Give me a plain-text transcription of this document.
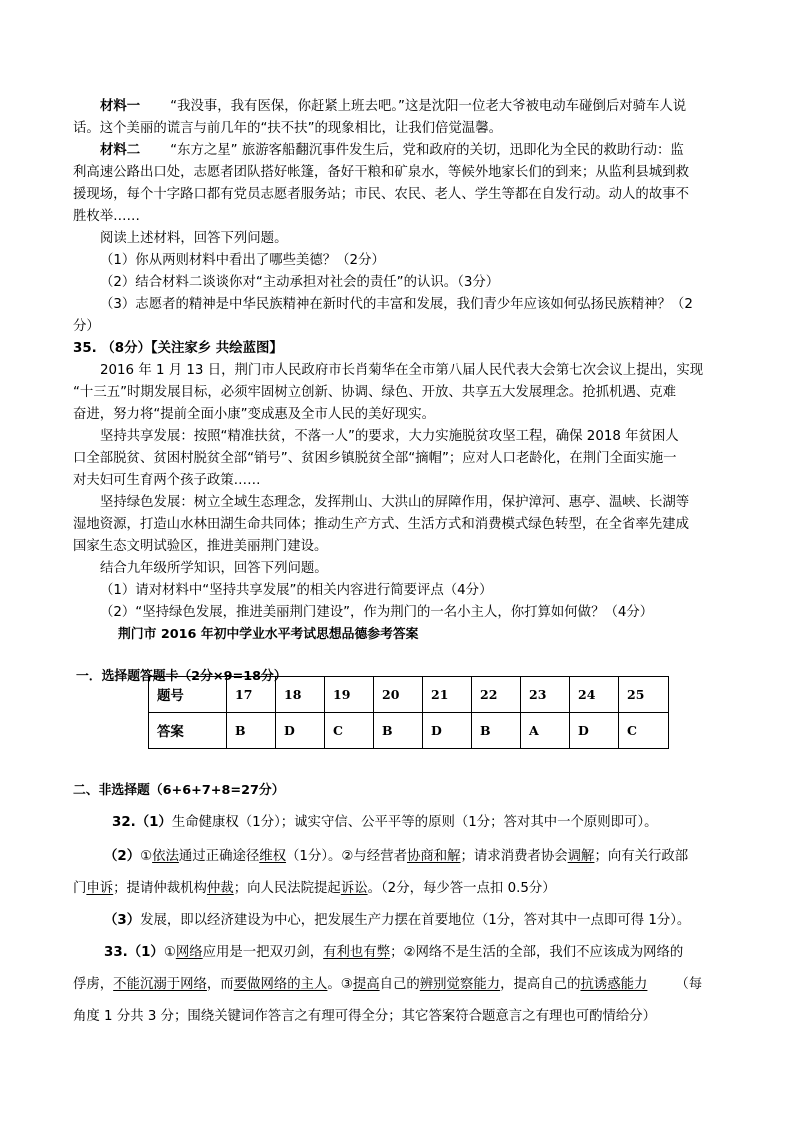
材料一 “我没事，我有医保，你赶紧上班去吧。”这是沈阳一位老大爷被电动车碰倒后对骑车人说
话。这个美丽的谎言与前几年的“扶不扶”的现象相比，让我们倍觉温馨。
材料二 “东方之星” 旅游客船翻沉事件发生后，党和政府的关切，迅即化为全民的救助行动：监
利高速公路出口处，志愿者团队搭好帐篷，备好干粮和矿泉水，等候外地家长们的到来；从监利县城到救
援现场，每个十字路口都有党员志愿者服务站；市民、农民、老人、学生等都在自发行动。动人的故事不
胜枚举……
阅读上述材料，回答下列问题。
（1）你从两则材料中看出了哪些美德？（2分）
（2）结合材料二谈谈你对“主动承担对社会的责任”的认识。（3分）
（3）志愿者的精神是中华民族精神在新时代的丰富和发展，我们青少年应该如何弘扬民族精神？（2
分）
35. （8分）【关注家乡 共绘蓝图】
2016 年 1 月 13 日，荆门市人民政府市长肖菊华在全市第八届人民代表大会第七次会议上提出，实现
“十三五”时期发展目标，必须牢固树立创新、协调、绿色、开放、共享五大发展理念。抢抓机遇、克难
奋进，努力将“提前全面小康”变成惠及全市人民的美好现实。
坚持共享发展：按照“精准扶贫，不落一人”的要求，大力实施脱贫攻坚工程，确保 2018 年贫困人
口全部脱贫、贫困村脱贫全部“销号”、贫困乡镇脱贫全部“摘帽”；应对人口老龄化，在荆门全面实施一
对夫妇可生育两个孩子政策……
坚持绿色发展：树立全域生态理念，发挥荆山、大洪山的屏障作用，保护漳河、惠亭、温峡、长湖等
湿地资源，打造山水林田湖生命共同体；推动生产方式、生活方式和消费模式绿色转型，在全省率先建成
国家生态文明试验区，推进美丽荆门建设。
结合九年级所学知识，回答下列问题。
（1）请对材料中“坚持共享发展”的相关内容进行简要评点（4分）
（2）“坚持绿色发展，推进美丽荆门建设”，作为荆门的一名小主人，你打算如何做？（4分）
荆门市 2016 年初中学业水平考试思想品德参考答案
一．选择题答题卡（2分×9=18分）
题号	17	18	19	20	21	22	23	24	25
答案	B	D	C	B	D	B	A	D	C
二、非选择题（6+6+7+8=27分）
32.（1）生命健康权（1分）；诚实守信、公平平等的原则（1分；答对其中一个原则即可）。
（2）①依法通过正确途径维权（1分）。②与经营者协商和解；请求消费者协会调解；向有关行政部
门申诉；提请仲裁机构仲裁；向人民法院提起诉讼。（2分，每少答一点扣 0.5分）
（3）发展，即以经济建设为中心，把发展生产力摆在首要地位（1分，答对其中一点即可得 1分）。
33.（1）①网络应用是一把双刃剑，有利也有弊；②网络不是生活的全部，我们不应该成为网络的
俘虏，不能沉溺于网络，而要做网络的主人。③提高自己的辨别觉察能力，提高自己的抗诱惑能力 （每
角度 1 分共 3 分；围绕关键词作答言之有理可得全分；其它答案符合题意言之有理也可酌情给分）
